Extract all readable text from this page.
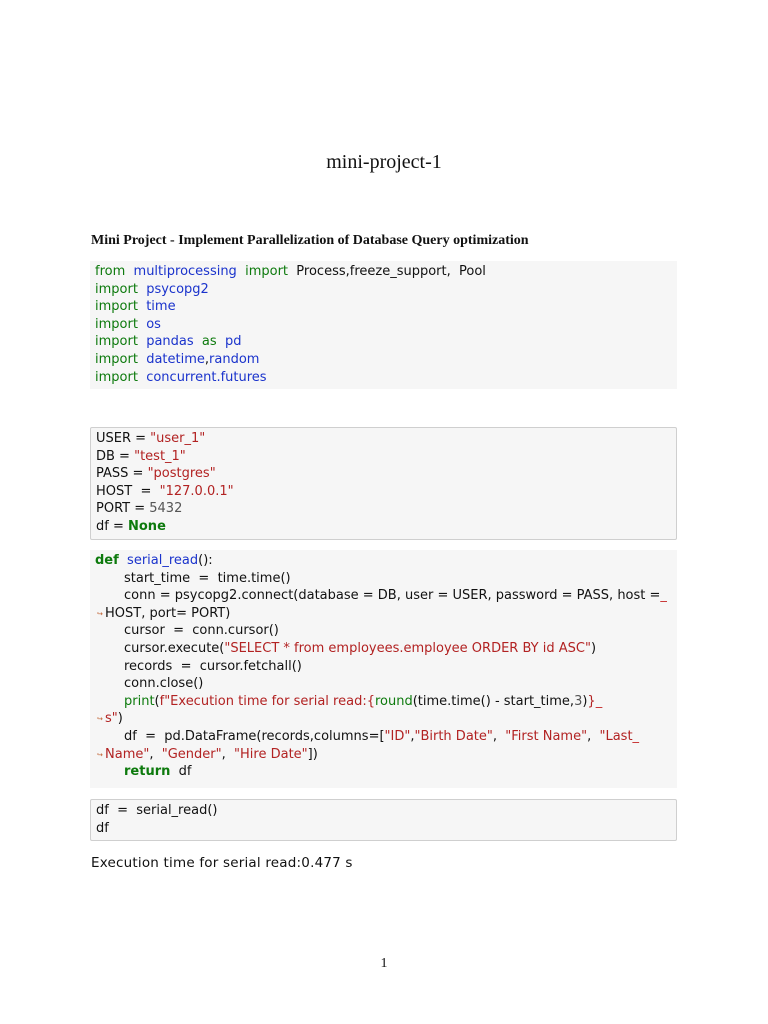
mini-project-1
Mini Project - Implement Parallelization of Database Query optimization
from multiprocessing import  Process,freeze_support,  Pool
import psycopg2
import time
import os
import pandas as pd
import datetime,random
import concurrent.futures
USER = "user_1"
DB = "test_1"
PASS = "postgres"
HOST  =  "127.0.0.1"
PORT = 5432
df = None
def serial_read():
start_time  =  time.time()
conn = psycopg2.connect(database = DB, user = USER, password = PASS, host =​_
↪ HOST, port= PORT)
cursor  =  conn.cursor()
cursor.execute("SELECT * from employees.employee ORDER BY id ASC")
records  =  cursor.fetchall()
conn.close()
print(f"Execution time for serial read:{round(time.time() - start_time,3)}​_
↪ s")
df  =  pd.DataFrame(records,columns=["ID","Birth Date",  "First Name",  "Last_
↪ Name",  "Gender",  "Hire Date"])
return  df
df  =  serial_read()
df
Execution time for serial read:0.477 s
1
